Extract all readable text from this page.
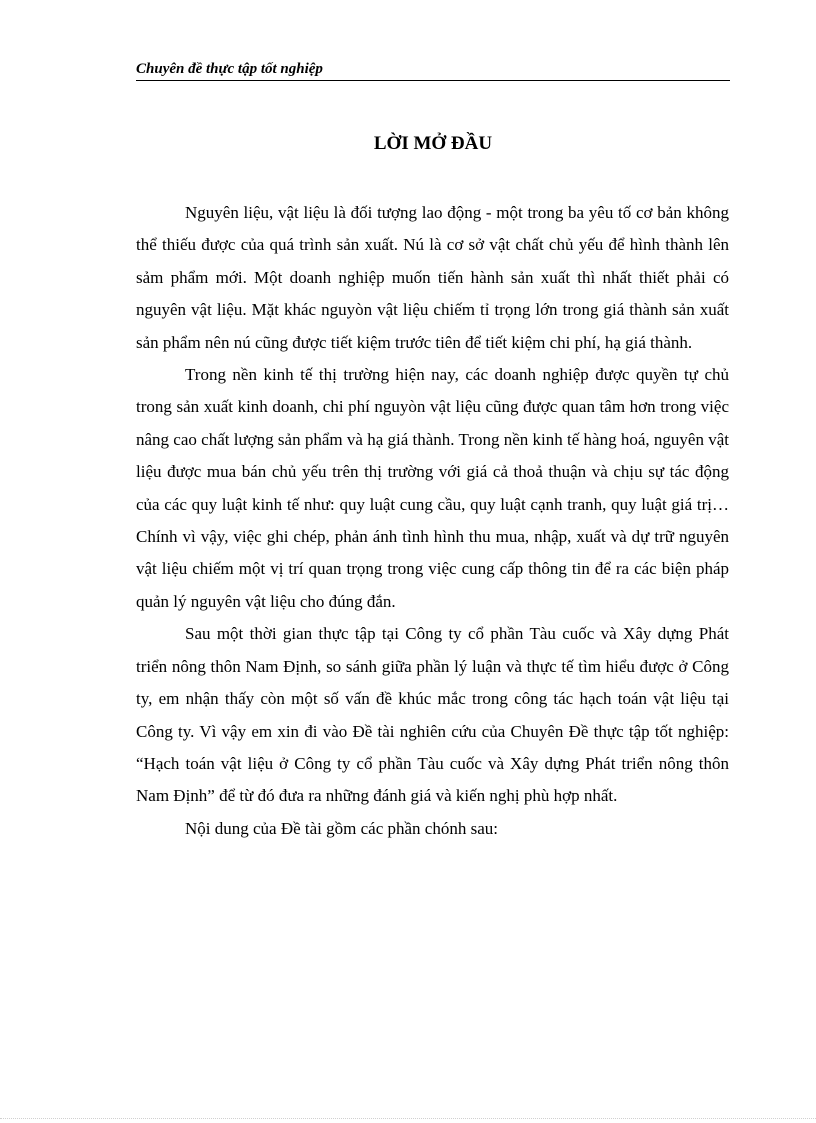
Chuyên đề thực tập tốt nghiệp
LỜI MỞ ĐẦU

Nguyên liệu, vật liệu là đối tượng lao động - một trong ba yêu tố cơ bản không thể thiếu được của quá trình sản xuất. Nú là cơ sở vật chất chủ yếu để hình thành lên sảm phẩm mới. Một doanh nghiệp muốn tiến hành sản xuất thì nhất thiết phải có nguyên vật liệu. Mặt khác nguyòn vật liệu chiếm tỉ trọng lớn trong giá thành sản xuất sản phẩm nên nú cũng được tiết kiệm trước tiên để tiết kiệm chi phí, hạ giá thành.

Trong nền kinh tế thị trường hiện nay, các doanh nghiệp được quyền tự chủ trong sản xuất kinh doanh, chi phí nguyòn vật liệu cũng được quan tâm hơn trong việc nâng cao chất lượng sản phẩm và hạ giá thành. Trong nền kinh tế hàng hoá, nguyên vật liệu được mua bán chủ yếu trên thị trường với giá cả thoả thuận và chịu sự tác động của các quy luật kinh tế như: quy luật cung cầu, quy luật cạnh tranh, quy luật giá trị… Chính vì vậy, việc ghi chép, phản ánh tình hình thu mua, nhập, xuất và dự trữ nguyên vật liệu chiếm một vị trí quan trọng trong việc cung cấp thông tin để ra các biện pháp quản lý nguyên vật liệu cho đúng đắn.

Sau một thời gian thực tập tại Công ty cổ phần Tàu cuốc và Xây dựng Phát triển nông thôn Nam Định, so sánh giữa phần lý luận và thực tế tìm hiểu được ở Công ty, em nhận thấy còn một số vấn đề khúc mắc trong công tác hạch toán vật liệu tại Công ty. Vì vậy em xin đi vào Đề tài nghiên cứu của Chuyên Đề thực tập tốt nghiệp: “Hạch toán vật liệu ở Công ty cổ phần Tàu cuốc và Xây dựng Phát triển nông thôn Nam Định” để từ đó đưa ra những đánh giá và kiến nghị phù hợp nhất.

Nội dung của Đề tài gồm các phần chónh sau:
